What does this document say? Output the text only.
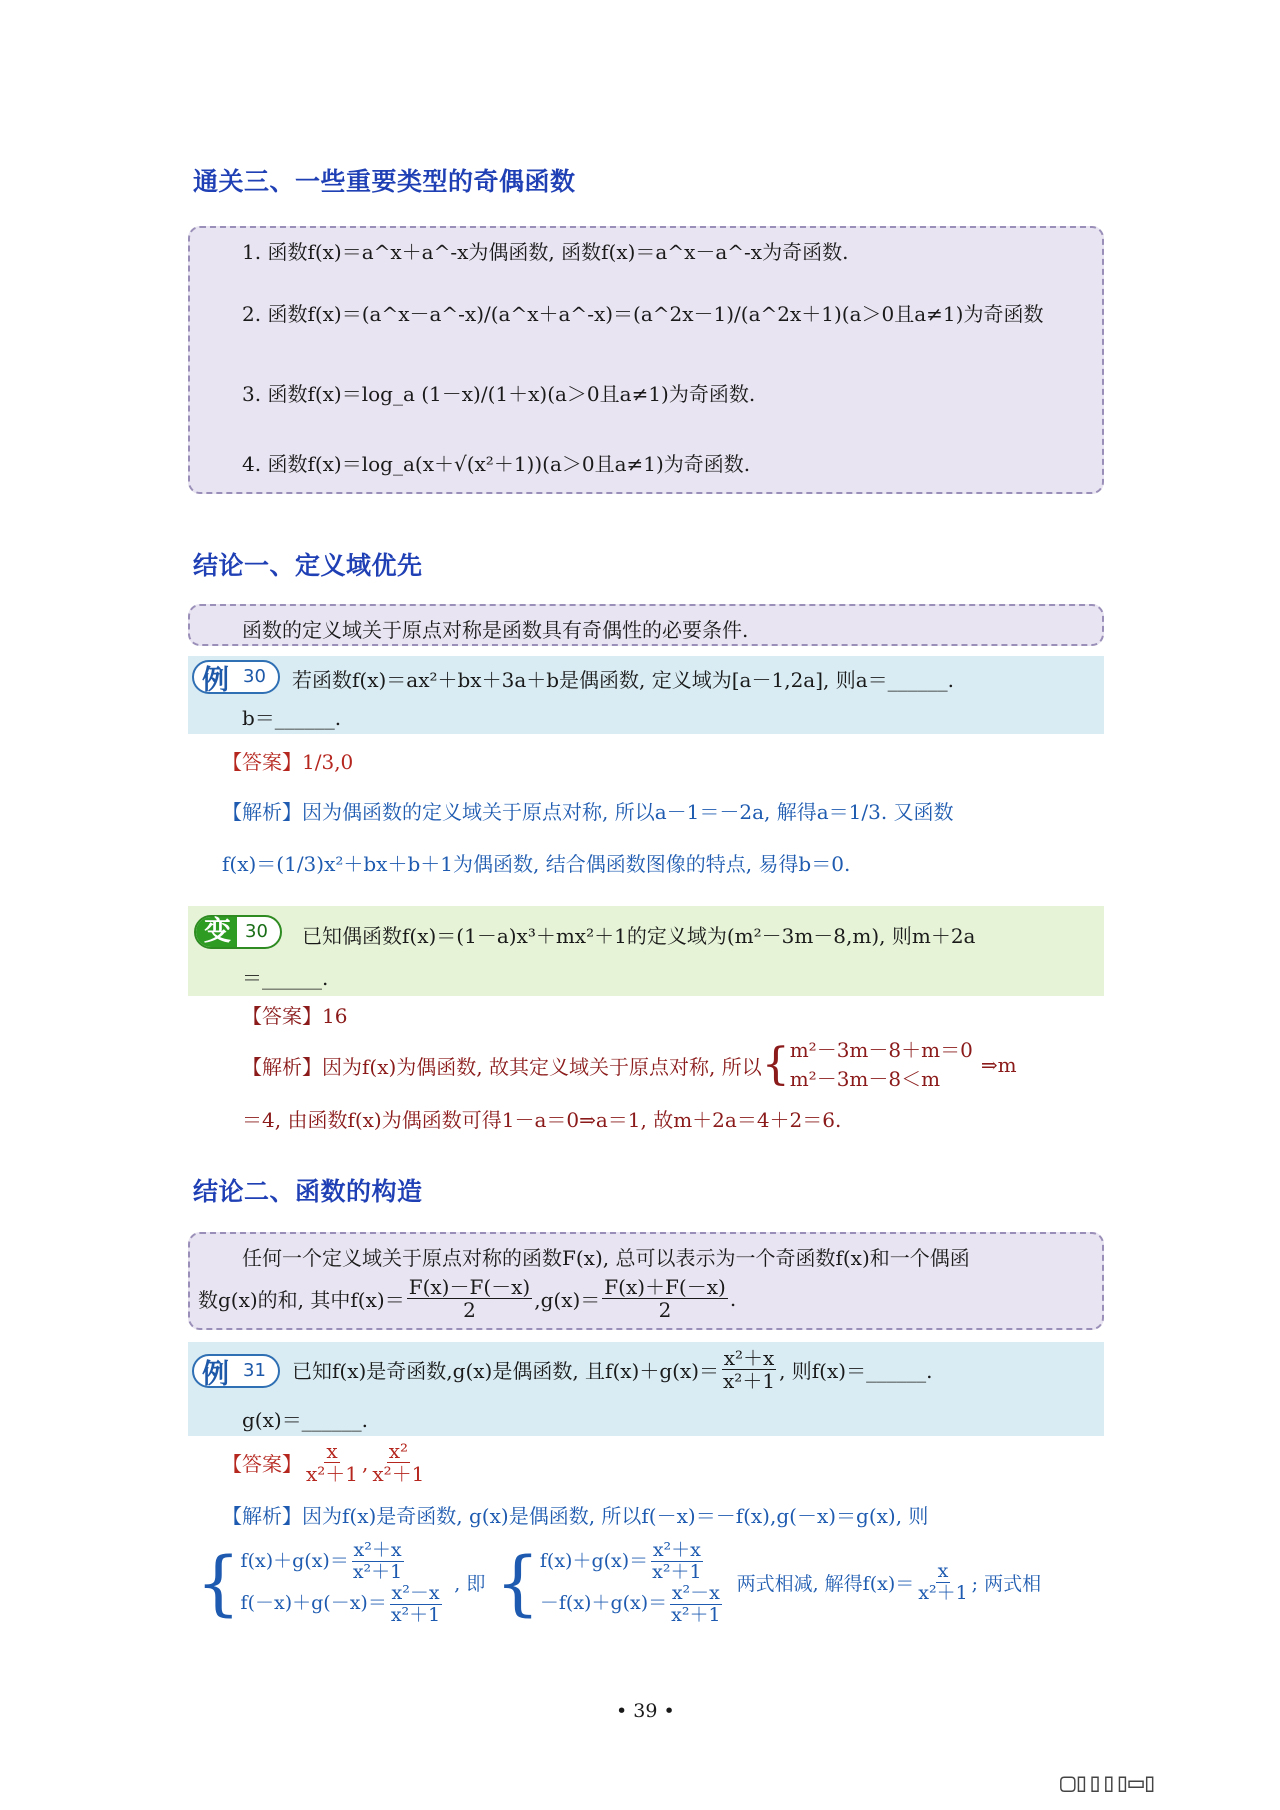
通关三、一些重要类型的奇偶函数
1. 函数f(x)＝a^x＋a^-x为偶函数, 函数f(x)＝a^x－a^-x为奇函数.
2. 函数f(x)＝(a^x－a^-x)/(a^x＋a^-x)＝(a^2x－1)/(a^2x＋1)(a＞0且a≠1)为奇函数
3. 函数f(x)＝log_a (1－x)/(1＋x)(a＞0且a≠1)为奇函数.
4. 函数f(x)＝log_a(x＋√(x²＋1))(a＞0且a≠1)为奇函数.
结论一、定义域优先
函数的定义域关于原点对称是函数具有奇偶性的必要条件.
例 30	若函数f(x)＝ax²＋bx＋3a＋b是偶函数, 定义域为[a－1,2a], 则a＝______.
b＝______.
【答案】1/3,0
【解析】因为偶函数的定义域关于原点对称, 所以a－1＝－2a, 解得a＝1/3. 又函数
f(x)＝(1/3)x²＋bx＋b＋1为偶函数, 结合偶函数图像的特点, 易得b＝0.
变 30	已知偶函数f(x)＝(1－a)x³＋mx²＋1的定义域为(m²－3m－8,m), 则m＋2a
＝______.
【答案】16
【解析】 因为f(x)为偶函数, 故其定义域关于原点对称, 所以 { m²－3m－8＋m＝0
m²－3m－8＜m
⇒m
＝4, 由函数f(x)为偶函数可得1－a＝0⇒a＝1, 故m＋2a＝4＋2＝6.
结论二、函数的构造
任何一个定义域关于原点对称的函数F(x), 总可以表示为一个奇函数f(x)和一个偶函
数g(x)的和, 其中$f(x)= \frac{F(x)-F(-x)}{2} ,g(x)= \frac{F(x)+F(-x)}{2}$ .
例 31	已知f(x)是奇函数,g(x)是偶函数, 且$f(x)+g(x)= \frac{\text{x²＋x}}{\text{x²＋1}}$ , 则f(x)＝______.
g(x)＝______.
【答案】 $\frac{x}{\text{x²＋1}}$ , $\frac{\text{x²}}{\text{x²＋1}}$
【解析】因为f(x)是奇函数, g(x)是偶函数, 所以f(－x)＝－f(x),g(－x)＝g(x), 则
{ $f(x)+g(x)= \frac{\text{x²＋x}}{\text{x²＋1}}$
$f(-x)+g(-x)= \frac{\text{x²－x}}{\text{x²＋1}}$ , 即 { $f(x)+g(x)= \frac{\text{x²＋x}}{\text{x²＋1}}$
$-f(x)+g(x)= \frac{\text{x²－x}}{\text{x²＋1}}$ 两式相减, 解得$f(x)= \frac{x}{\text{x²＋1}}$ ; 两式相
• 39 •
▢▯▯▯▯▭▯
